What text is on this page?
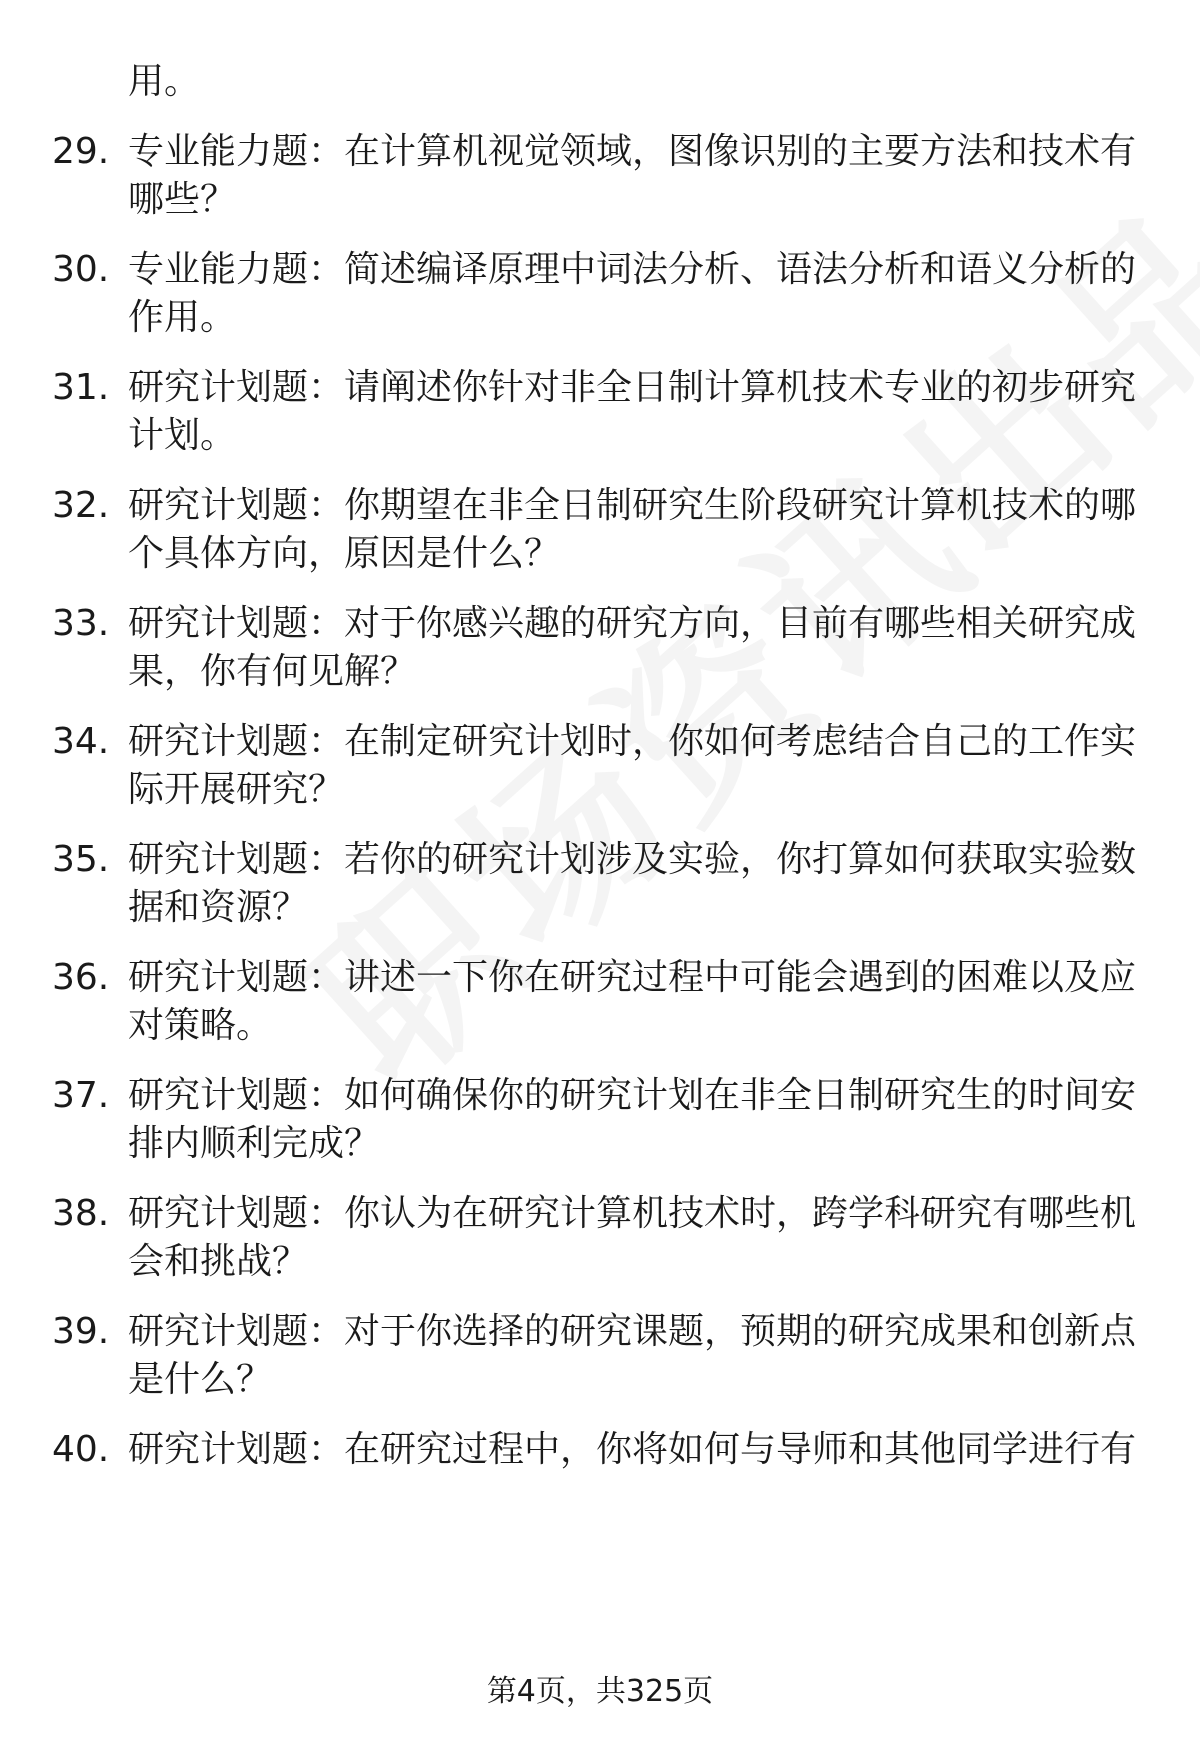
用。
29. 专业能力题：在计算机视觉领域，图像识别的主要方法和技术有哪些？
30. 专业能力题：简述编译原理中词法分析、语法分析和语义分析的作用。
31. 研究计划题：请阐述你针对非全日制计算机技术专业的初步研究计划。
32. 研究计划题：你期望在非全日制研究生阶段研究计算机技术的哪个具体方向，原因是什么？
33. 研究计划题：对于你感兴趣的研究方向，目前有哪些相关研究成果，你有何见解？
34. 研究计划题：在制定研究计划时，你如何考虑结合自己的工作实际开展研究？
35. 研究计划题：若你的研究计划涉及实验，你打算如何获取实验数据和资源？
36. 研究计划题：讲述一下你在研究过程中可能会遇到的困难以及应对策略。
37. 研究计划题：如何确保你的研究计划在非全日制研究生的时间安排内顺利完成？
38. 研究计划题：你认为在研究计算机技术时，跨学科研究有哪些机会和挑战？
39. 研究计划题：对于你选择的研究课题，预期的研究成果和创新点是什么？
40. 研究计划题：在研究过程中，你将如何与导师和其他同学进行有
第4页，共325页
